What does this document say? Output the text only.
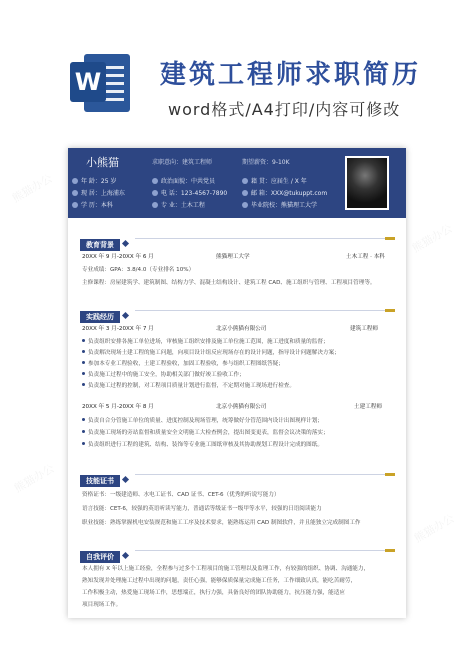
W 建筑工程师求职简历
word格式/A4打印/内容可修改
小熊猫	求职意向：建筑工程师	期望薪资：9-10K
年 龄：25 岁	政治面貌：中共党员	籍 贯：应届生 / X 年
现 居：上海浦东	电 话：123-4567-7890	邮 箱：XXX@tukuppt.com
学 历：本科	专 业：土木工程	毕业院校：熊猫理工大学
教育背景
20XX 年 9 月-20XX 年 6 月	熊猫理工大学	土木工程 · 本科
专业成绩：GPA：3.8/4.0（专业排名 10%）
主修课程：房屋建筑学、建筑制图、结构力学、混凝土结构设计、建筑工程 CAD、施工组织与管理、工程项目管理等。
实践经历
20XX 年 3 月-20XX 年 7 月	北京小熊猫有限公司	建筑工程师
负责组织安排各施工单位进场，审核施工组织安排及施工单位施工范围，施工进度和质量的监督；
负责解决现场土建工程的施工问题，向项目设计组反应现场存在的设计问题，指导设计问题解决方案；
参加本专业工程验收，土建工程验收，加固工程验收，参与组织工程图纸答疑；
负责施工过程中的施工安全，协助相关部门做好竣工验收工作；
负责施工过程的控制，对工程项目质量计划进行监督，不定期对施工现场进行检查。
20XX 年 5 月-20XX 年 8 月	北京小熊猫有限公司	土建工程师
负责自合分管施工单位的质量、进度控制及现场管理，统筹做好分管范围内设计出图现样计划；
负责施工现场的旁站监督和质量安全文明施工大检查例会，提出图变更表，监督会议决策的落实；
负责组织进行工程的建筑、结构、装饰等专业施工图纸审核及其协助规划工程设计完成的图纸。
技能证书
资格证书：一级建造师、水电工证书、CAD 证书、CET-6（优秀的听说写能力）
语言技能：CET-6，较强的英语听读写能力，普通话等级证书一级甲等水平，较强的日语阅读能力
职业技能：熟练掌握机电安装规范和施工工序及技术要求，能熟练运用 CAD 制图软件，并且能独立完成制图工作
自我评价
本人拥有 X 年以上施工经验，全程参与过多个工程项目的施工管理以及监理工作，有较强的组织、协调、沟通能力，
熟知发现并处理施工过程中出现的问题，责任心强，能够保质保量完成施工任务，工作细致认真，能吃苦耐劳，
工作积极主动，热爱施工现场工作，思想端正，执行力强，具备良好的团队协助能力，抗压能力强，能适应
项目现场工作。
熊猫办公
熊猫办公
熊猫办公
熊猫办公
